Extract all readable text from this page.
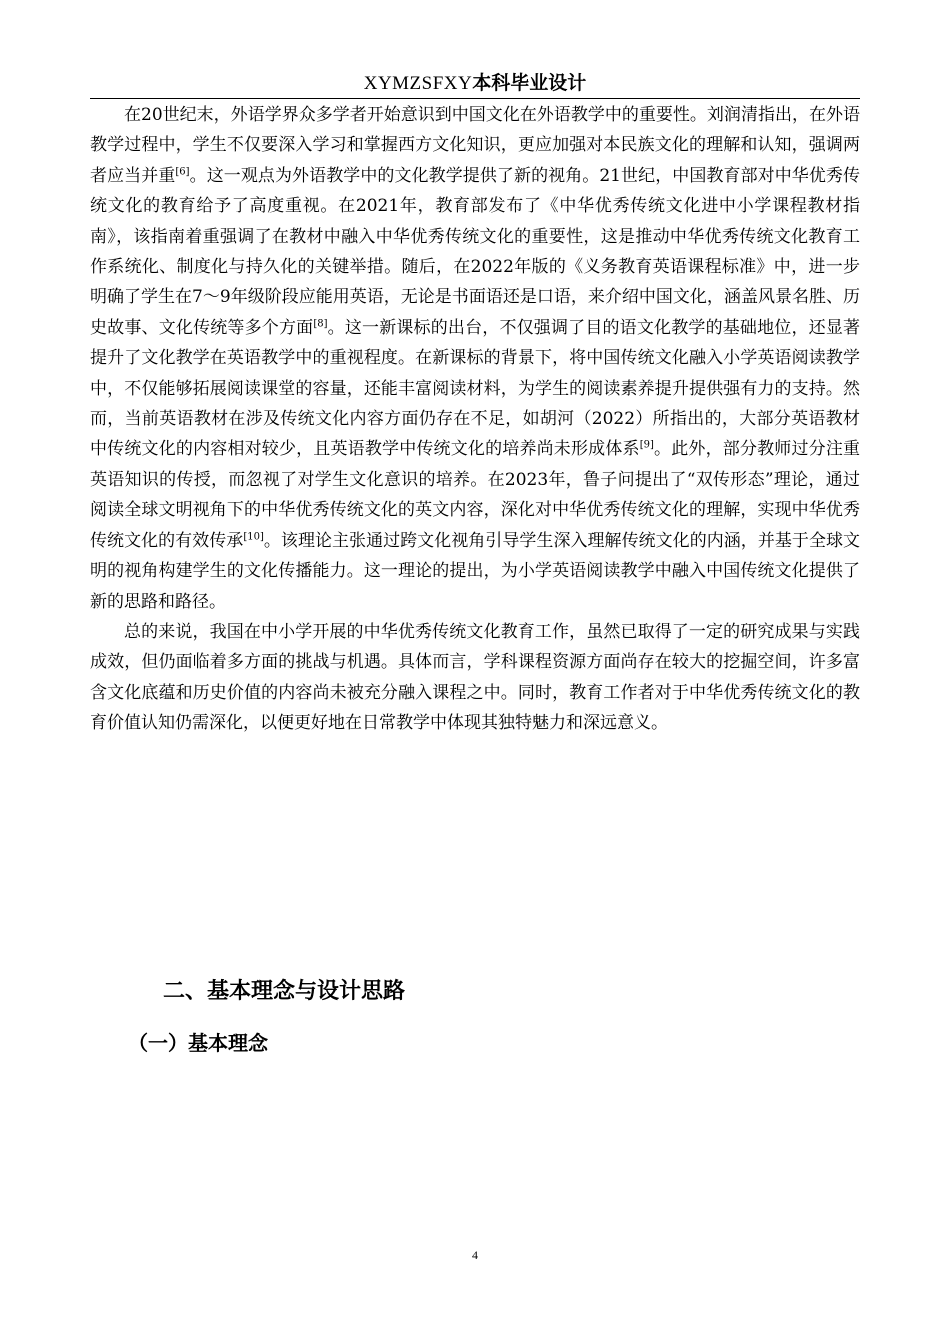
XYMZSFXY本科毕业设计

在20世纪末，外语学界众多学者开始意识到中国文化在外语教学中的重要性。刘润清指出，在外语教学过程中，学生不仅要深入学习和掌握西方文化知识，更应加强对本民族文化的理解和认知，强调两者应当并重[6]。这一观点为外语教学中的文化教学提供了新的视角。21世纪，中国教育部对中华优秀传统文化的教育给予了高度重视。在2021年，教育部发布了《中华优秀传统文化进中小学课程教材指南》，该指南着重强调了在教材中融入中华优秀传统文化的重要性，这是推动中华优秀传统文化教育工作系统化、制度化与持久化的关键举措。随后，在2022年版的《义务教育英语课程标准》中，进一步明确了学生在7～9年级阶段应能用英语，无论是书面语还是口语，来介绍中国文化，涵盖风景名胜、历史故事、文化传统等多个方面[8]。这一新课标的出台，不仅强调了目的语文化教学的基础地位，还显著提升了文化教学在英语教学中的重视程度。在新课标的背景下，将中国传统文化融入小学英语阅读教学中，不仅能够拓展阅读课堂的容量，还能丰富阅读材料，为学生的阅读素养提升提供强有力的支持。然而，当前英语教材在涉及传统文化内容方面仍存在不足，如胡河（2022）所指出的，大部分英语教材中传统文化的内容相对较少，且英语教学中传统文化的培养尚未形成体系[9]。此外，部分教师过分注重英语知识的传授，而忽视了对学生文化意识的培养。在2023年，鲁子问提出了“双传形态”理论，通过阅读全球文明视角下的中华优秀传统文化的英文内容，深化对中华优秀传统文化的理解，实现中华优秀传统文化的有效传承[10]。该理论主张通过跨文化视角引导学生深入理解传统文化的内涵，并基于全球文明的视角构建学生的文化传播能力。这一理论的提出，为小学英语阅读教学中融入中国传统文化提供了新的思路和路径。

总的来说，我国在中小学开展的中华优秀传统文化教育工作，虽然已取得了一定的研究成果与实践成效，但仍面临着多方面的挑战与机遇。具体而言，学科课程资源方面尚存在较大的挖掘空间，许多富含文化底蕴和历史价值的内容尚未被充分融入课程之中。同时，教育工作者对于中华优秀传统文化的教育价值认知仍需深化，以便更好地在日常教学中体现其独特魅力和深远意义。

二、基本理念与设计思路
（一）基本理念
4
